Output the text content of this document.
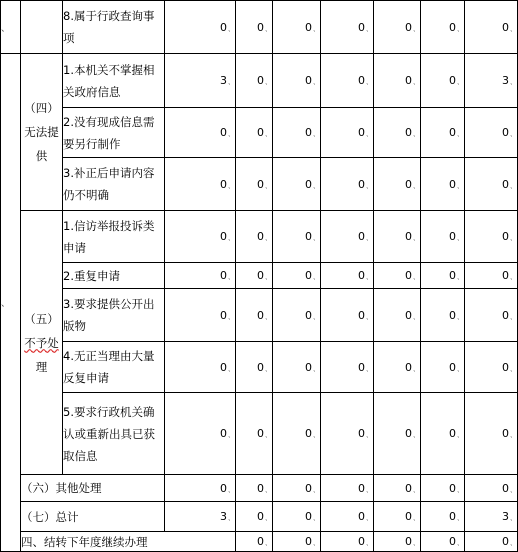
、		8.属于行政查询事项	0、	0、	0、	0、	0、	0、	0、	
、	（四）无法提供	1.本机关不掌握相关政府信息	3、	0、	0、	0、	0、	0、	3、	
		2.没有现成信息需要另行制作	0、	0、	0、	0、	0、	0、	0、	
		3.补正后申请内容仍不明确	0、	0、	0、	0、	0、	0、	0、	
	（五）不予处理	1.信访举报投诉类申请	0、	0、	0、	0、	0、	0、	0、	
		2.重复申请	0、	0、	0、	0、	0、	0、	0、	
		3.要求提供公开出版物	0、	0、	0、	0、	0、	0、	0、	
		4.无正当理由大量反复申请	0、	0、	0、	0、	0、	0、	0、	
		5.要求行政机关确认或重新出具已获取信息	0、	0、	0、	0、	0、	0、	0、	
	（六）其他处理		0、	0、	0、	0、	0、	0、	0、	
	（七）总计		3、	0、	0、	0、	0、	0、	3、	
	四、结转下年度继续办理			0、	0、	0、	0、	0、	0、	
